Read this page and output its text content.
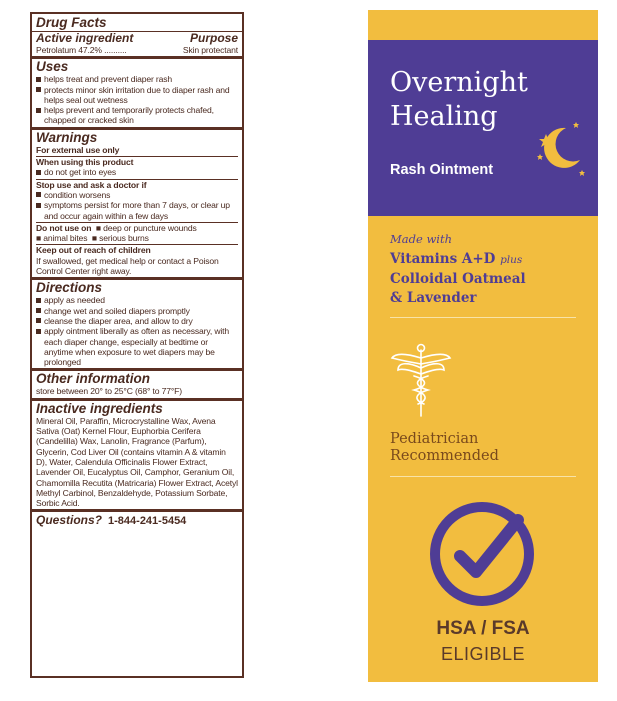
Drug Facts
Active ingredient	Purpose
Petrolatum 47.2% ..........	Skin protectant
Uses
helps treat and prevent diaper rash
protects minor skin irritation due to diaper rash and helps seal out wetness
helps prevent and temporarily protects chafed, chapped or cracked skin
Warnings
For external use only
When using this product
do not get into eyes
Stop use and ask a doctor if
condition worsens
symptoms persist for more than 7 days, or clear up and occur again within a few days
Do not use on  ■ deep or puncture wounds
■ animal bites  ■ serious burns
Keep out of reach of children
If swallowed, get medical help or contact a Poison Control Center right away.
Directions
apply as needed
change wet and soiled diapers promptly
cleanse the diaper area, and allow to dry
apply ointment liberally as often as necessary, with each diaper change, especially at bedtime or anytime when exposure to wet diapers may be prolonged
Other information
store between 20° to 25°C (68° to 77°F)
Inactive ingredients
Mineral Oil, Paraffin, Microcrystalline Wax, Avena Sativa (Oat) Kernel Flour, Euphorbia Cerifera (Candelilla) Wax, Lanolin, Fragrance (Parfum), Glycerin, Cod Liver Oil (contains vitamin A & vitamin D), Water, Calendula Officinalis Flower Extract, Lavender Oil, Eucalyptus Oil, Camphor, Geranium Oil, Chamomilla Recutita (Matricaria) Flower Extract, Acetyl Methyl Carbinol, Benzaldehyde, Potassium Sorbate, Sorbic Acid.
Questions? 1-844-241-5454
Overnight
Healing
Rash Ointment
Made with
Vitamins A+D plus
Colloidal Oatmeal
& Lavender
Pediatrician
Recommended
HSA / FSA
ELIGIBLE
